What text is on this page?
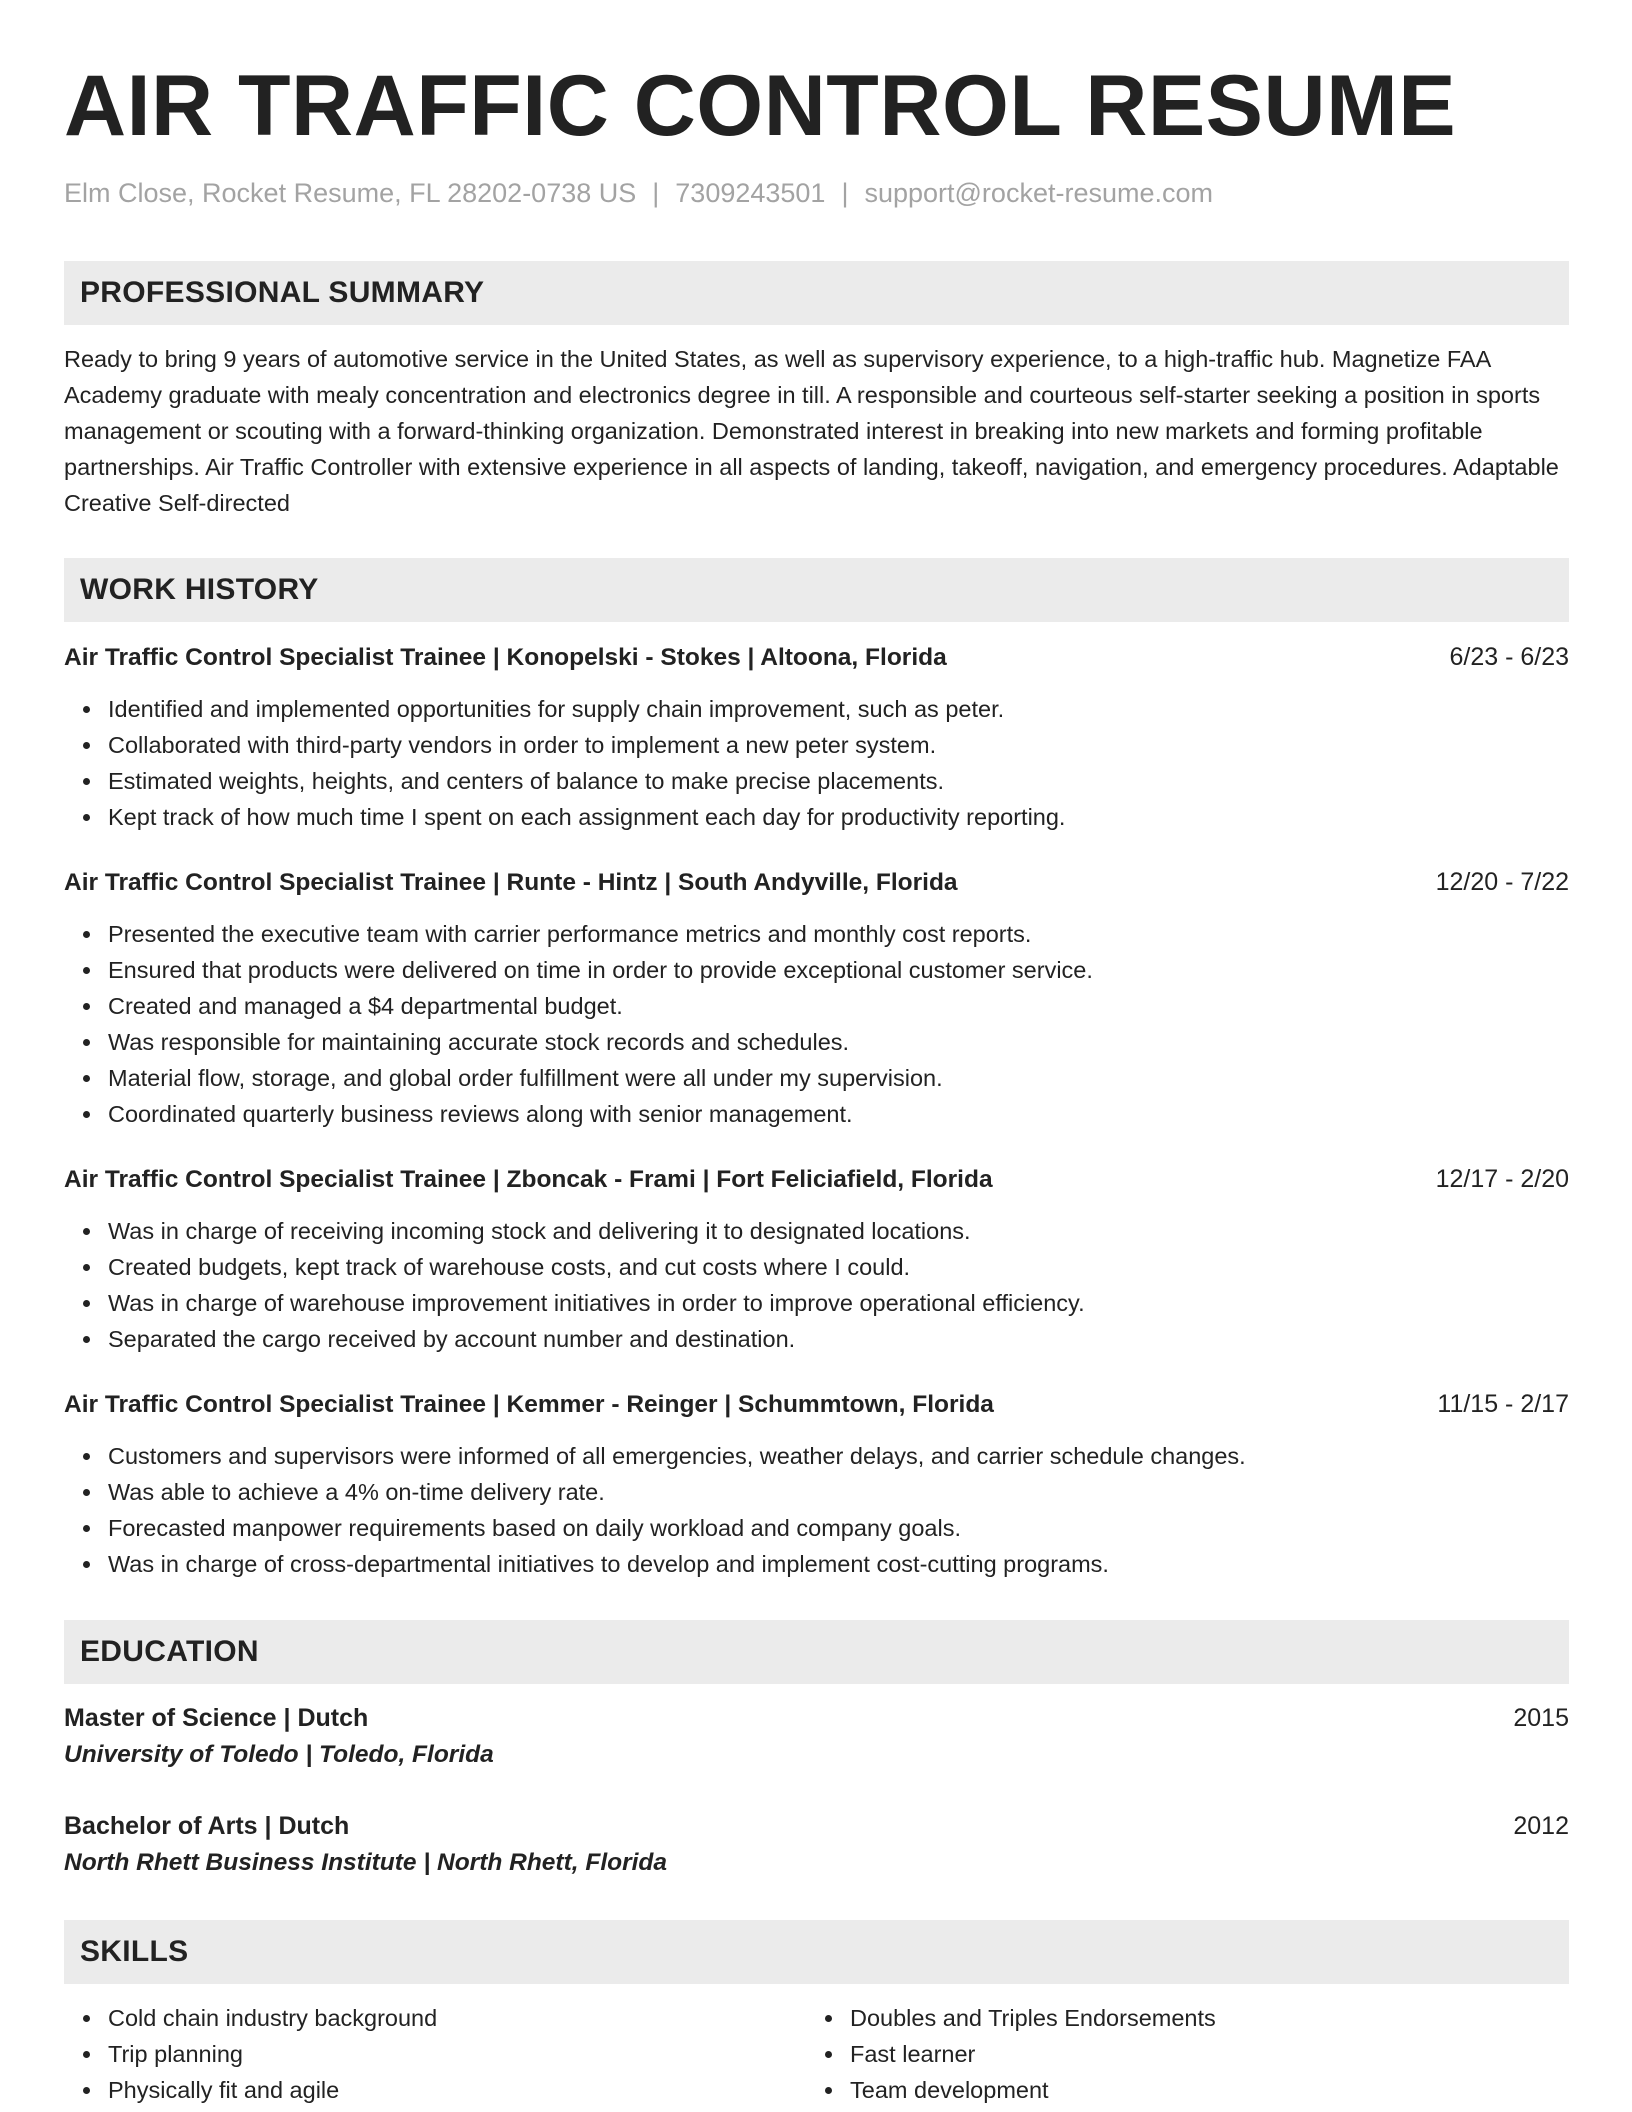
AIR TRAFFIC CONTROL RESUME
Elm Close, Rocket Resume, FL 28202-0738 US | 7309243501 | support@rocket-resume.com
PROFESSIONAL SUMMARY
Ready to bring 9 years of automotive service in the United States, as well as supervisory experience, to a high-traffic hub. Magnetize FAA Academy graduate with mealy concentration and electronics degree in till. A responsible and courteous self-starter seeking a position in sports management or scouting with a forward-thinking organization. Demonstrated interest in breaking into new markets and forming profitable partnerships. Air Traffic Controller with extensive experience in all aspects of landing, takeoff, navigation, and emergency procedures. Adaptable Creative Self-directed
WORK HISTORY
Air Traffic Control Specialist Trainee | Konopelski - Stokes | Altoona, Florida	6/23 - 6/23
Identified and implemented opportunities for supply chain improvement, such as peter.
Collaborated with third-party vendors in order to implement a new peter system.
Estimated weights, heights, and centers of balance to make precise placements.
Kept track of how much time I spent on each assignment each day for productivity reporting.
Air Traffic Control Specialist Trainee | Runte - Hintz | South Andyville, Florida	12/20 - 7/22
Presented the executive team with carrier performance metrics and monthly cost reports.
Ensured that products were delivered on time in order to provide exceptional customer service.
Created and managed a $4 departmental budget.
Was responsible for maintaining accurate stock records and schedules.
Material flow, storage, and global order fulfillment were all under my supervision.
Coordinated quarterly business reviews along with senior management.
Air Traffic Control Specialist Trainee | Zboncak - Frami | Fort Feliciafield, Florida	12/17 - 2/20
Was in charge of receiving incoming stock and delivering it to designated locations.
Created budgets, kept track of warehouse costs, and cut costs where I could.
Was in charge of warehouse improvement initiatives in order to improve operational efficiency.
Separated the cargo received by account number and destination.
Air Traffic Control Specialist Trainee | Kemmer - Reinger | Schummtown, Florida	11/15 - 2/17
Customers and supervisors were informed of all emergencies, weather delays, and carrier schedule changes.
Was able to achieve a 4% on-time delivery rate.
Forecasted manpower requirements based on daily workload and company goals.
Was in charge of cross-departmental initiatives to develop and implement cost-cutting programs.
EDUCATION
Master of Science | Dutch	2015
University of Toledo | Toledo, Florida
Bachelor of Arts | Dutch	2012
North Rhett Business Institute | North Rhett, Florida
SKILLS
Cold chain industry background
Trip planning
Physically fit and agile
Doubles and Triples Endorsements
Fast learner
Team development
